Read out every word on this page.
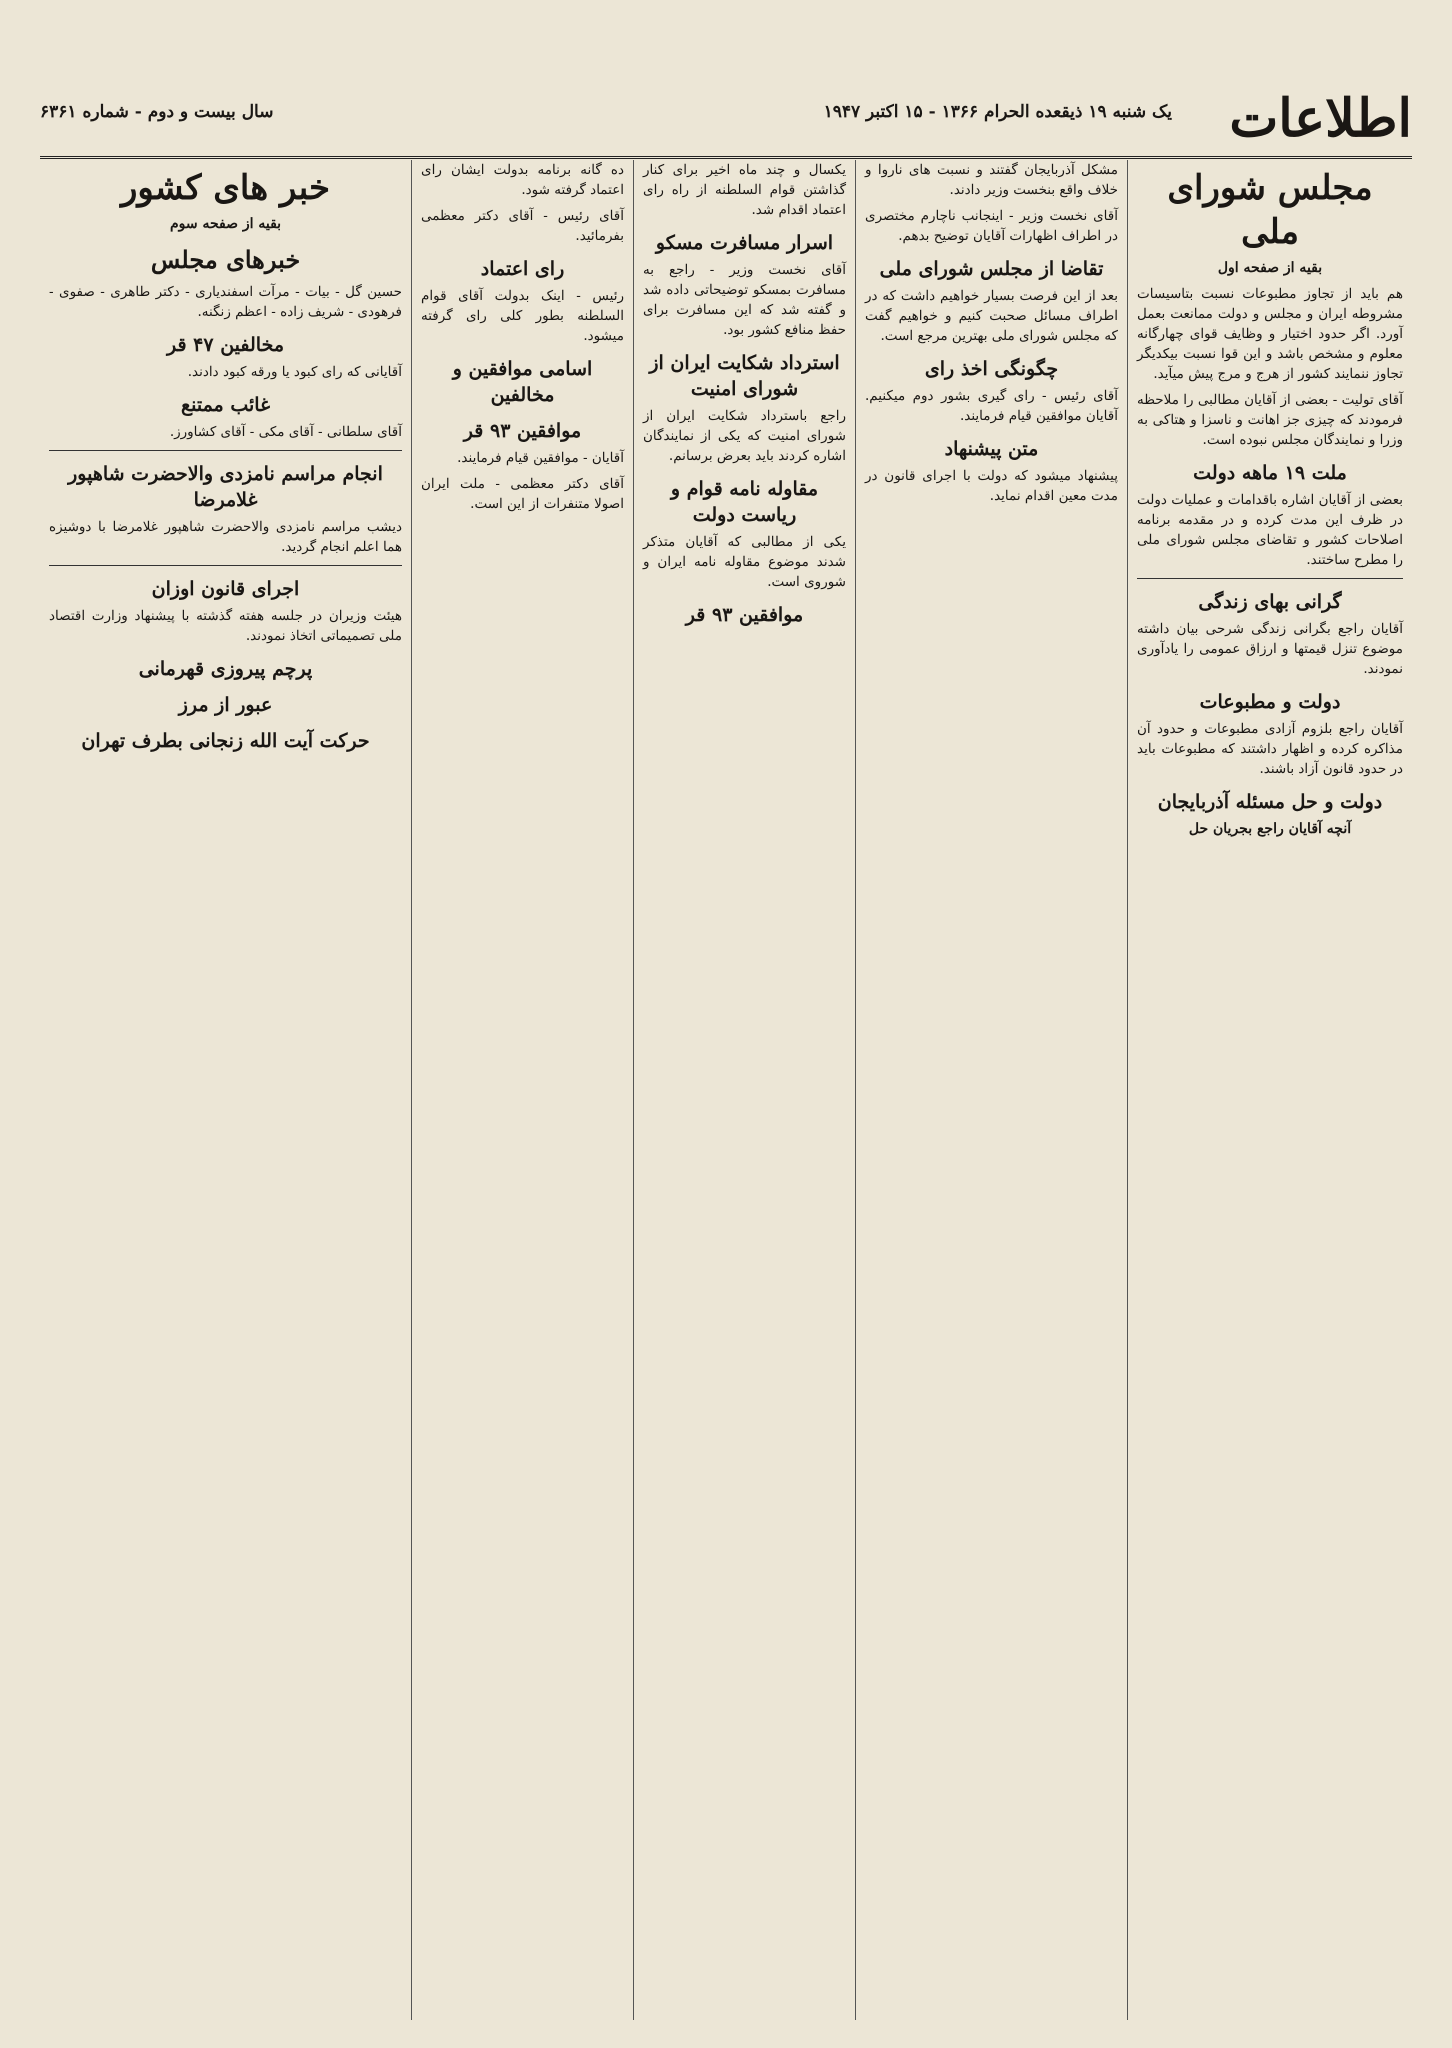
اطلاعات
یک شنبه ۱۹ ذیقعده الحرام ۱۳۶۶ - ۱۵ اکتبر ۱۹۴۷
سال بیست و دوم - شماره ۶۳۶۱
مجلس شورای ملی
بقیه از صفحه اول

هم باید از تجاوز مطبوعات نسبت بتاسیسات مشروطه ایران و مجلس و دولت ممانعت بعمل آورد. اگر حدود اختیار و وظایف قوای چهارگانه معلوم و مشخص باشد و این قوا نسبت بیکدیگر تجاوز ننمایند کشور از هرج و مرج پیش میآید.

آقای تولیت - بعضی از آقایان مطالبی را ملاحظه فرمودند که چیزی جز اهانت و ناسزا و هتاکی به وزرا و نمایندگان مجلس نبوده است.

ملت ۱۹ ماهه دولت

بعضی از آقایان اشاره باقدامات و عملیات دولت در ظرف این مدت کرده و در مقدمه برنامه اصلاحات کشور و تقاضای مجلس شورای ملی را مطرح ساختند.

گرانی بهای زندگی

آقایان راجع بگرانی زندگی شرحی بیان داشته موضوع تنزل قیمتها و ارزاق عمومی را یادآوری نمودند.

دولت و مطبوعات

آقایان راجع بلزوم آزادی مطبوعات و حدود آن مذاکره کرده و اظهار داشتند که مطبوعات باید در حدود قانون آزاد باشند.

دولت و حل مسئله آذربایجان
آنچه آقایان راجع بجریان حل

مشکل آذربایجان گفتند و نسبت های ناروا و خلاف واقع بنخست وزیر دادند.

آقای نخست وزیر - اینجانب ناچارم مختصری در اطراف اظهارات آقایان توضیح بدهم.

تقاضا از مجلس شورای ملی

بعد از این فرصت بسیار خواهیم داشت که در اطراف مسائل صحبت کنیم و خواهیم گفت که مجلس شورای ملی بهترین مرجع است.

چگونگی اخذ رای

آقای رئیس - رای گیری بشور دوم میکنیم. آقایان موافقین قیام فرمایند.

متن پیشنهاد

پیشنهاد میشود که دولت با اجرای قانون در مدت معین اقدام نماید.

یکسال و چند ماه اخیر برای کنار گذاشتن قوام السلطنه از راه رای اعتماد اقدام شد.

اسرار مسافرت مسکو

آقای نخست وزیر - راجع به مسافرت بمسکو توضیحاتی داده شد و گفته شد که این مسافرت برای حفظ منافع کشور بود.

استرداد شکایت ایران از شورای امنیت

راجع باسترداد شکایت ایران از شورای امنیت که یکی از نمایندگان اشاره کردند باید بعرض برسانم.

مقاوله نامه قوام و ریاست دولت

یکی از مطالبی که آقایان متذکر شدند موضوع مقاوله نامه ایران و شوروی است.

موافقین ۹۳ قر

ده گانه برنامه بدولت ایشان رای اعتماد گرفته شود.

آقای رئیس - آقای دکتر معظمی بفرمائید.

رای اعتماد

رئیس - اینک بدولت آقای قوام السلطنه بطور کلی رای گرفته میشود.

اسامی موافقین و مخالفین
موافقین ۹۳ قر

آقایان - موافقین قیام فرمایند.

آقای دکتر معظمی - ملت ایران اصولا متنفرات از این است.

خبر های کشور
بقیه از صفحه سوم
خبرهای مجلس

حسین گل - بیات - مرآت اسفندیاری - دکتر طاهری - صفوی - فرهودی - شریف زاده - اعظم زنگنه.

مخالفین ۴۷ قر

آقایانی که رای کبود یا ورقه کبود دادند.

غائب ممتنع

آقای سلطانی - آقای مکی - آقای کشاورز.

انجام مراسم نامزدی والاحضرت شاهپور غلامرضا

دیشب مراسم نامزدی والاحضرت شاهپور غلامرضا با دوشیزه هما اعلم انجام گردید.

اجرای قانون اوزان

هیئت وزیران در جلسه هفته گذشته با پیشنهاد وزارت اقتصاد ملی تصمیماتی اتخاذ نمودند.

پرچم پیروزی قهرمانی
عبور از مرز
حرکت آیت الله زنجانی بطرف تهران
